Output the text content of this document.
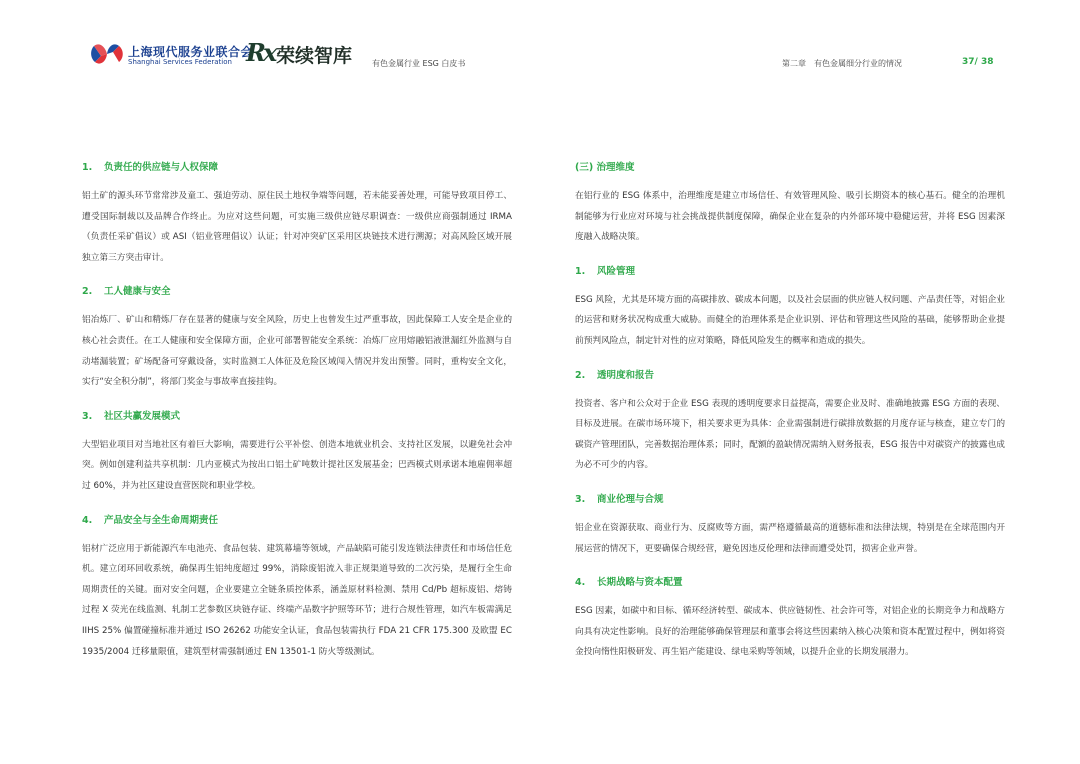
上海现代服务业联合会
Shanghai Services Federation Rx 荣续智库 有色金属行业 ESG 白皮书	第二章　有色金属细分行业的情况	37/ 38
1. 负责任的供应链与人权保障

铝土矿的源头环节常常涉及童工、强迫劳动、原住民土地权争端等问题，若未能妥善处理，可能导致项目停工、遭受国际制裁以及品牌合作终止。为应对这些问题，可实施三级供应链尽职调查：一级供应商强制通过 IRMA（负责任采矿倡议）或 ASI（铝业管理倡议）认证；针对冲突矿区采用区块链技术进行溯源；对高风险区域开展独立第三方突击审计。

2. 工人健康与安全

铝冶炼厂、矿山和精炼厂存在显著的健康与安全风险，历史上也曾发生过严重事故，因此保障工人安全是企业的核心社会责任。在工人健康和安全保障方面，企业可部署智能安全系统：冶炼厂应用熔融铝液泄漏红外监测与自动堵漏装置；矿场配备可穿戴设备，实时监测工人体征及危险区域闯入情况并发出预警。同时，重构安全文化，实行“安全积分制”，将部门奖金与事故率直接挂钩。

3. 社区共赢发展模式

大型铝业项目对当地社区有着巨大影响，需要进行公平补偿、创造本地就业机会、支持社区发展，以避免社会冲突。例如创建利益共享机制：几内亚模式为按出口铝土矿吨数计提社区发展基金；巴西模式则承诺本地雇佣率超过 60%，并为社区建设直营医院和职业学校。

4. 产品安全与全生命周期责任

铝材广泛应用于新能源汽车电池壳、食品包装、建筑幕墙等领域，产品缺陷可能引发连锁法律责任和市场信任危机。建立闭环回收系统，确保再生铝纯度超过 99%，消除废铝流入非正规渠道导致的二次污染，是履行全生命周期责任的关键。面对安全问题，企业要建立全链条质控体系，涵盖原材料检测、禁用 Cd/Pb 超标废铝、熔铸过程 X 荧光在线监测、轧制工艺参数区块链存证、终端产品数字护照等环节；进行合规性管理，如汽车板需满足 IIHS 25% 偏置碰撞标准并通过 ISO 26262 功能安全认证，食品包装需执行 FDA 21 CFR 175.300 及欧盟 EC 1935/2004 迁移量限值，建筑型材需强制通过 EN 13501-1 防火等级测试。

(三) 治理维度

在铝行业的 ESG 体系中，治理维度是建立市场信任、有效管理风险、吸引长期资本的核心基石。健全的治理机制能够为行业应对环境与社会挑战提供制度保障，确保企业在复杂的内外部环境中稳健运营，并将 ESG 因素深度融入战略决策。

1. 风险管理

ESG 风险，尤其是环境方面的高碳排放、碳成本问题，以及社会层面的供应链人权问题、产品责任等，对铝企业的运营和财务状况构成重大威胁。而健全的治理体系是企业识别、评估和管理这些风险的基础，能够帮助企业提前预判风险点，制定针对性的应对策略，降低风险发生的概率和造成的损失。

2. 透明度和报告

投资者、客户和公众对于企业 ESG 表现的透明度要求日益提高，需要企业及时、准确地披露 ESG 方面的表现、目标及进展。在碳市场环境下，相关要求更为具体：企业需强制进行碳排放数据的月度存证与核查，建立专门的碳资产管理团队，完善数据治理体系；同时，配额的盈缺情况需纳入财务报表，ESG 报告中对碳资产的披露也成为必不可少的内容。

3. 商业伦理与合规

铝企业在资源获取、商业行为、反腐败等方面，需严格遵循最高的道德标准和法律法规，特别是在全球范围内开展运营的情况下，更要确保合规经营，避免因违反伦理和法律而遭受处罚，损害企业声誉。

4. 长期战略与资本配置

ESG 因素，如碳中和目标、循环经济转型、碳成本、供应链韧性、社会许可等，对铝企业的长期竞争力和战略方向具有决定性影响。良好的治理能够确保管理层和董事会将这些因素纳入核心决策和资本配置过程中，例如将资金投向惰性阳极研发、再生铝产能建设、绿电采购等领域，以提升企业的长期发展潜力。
